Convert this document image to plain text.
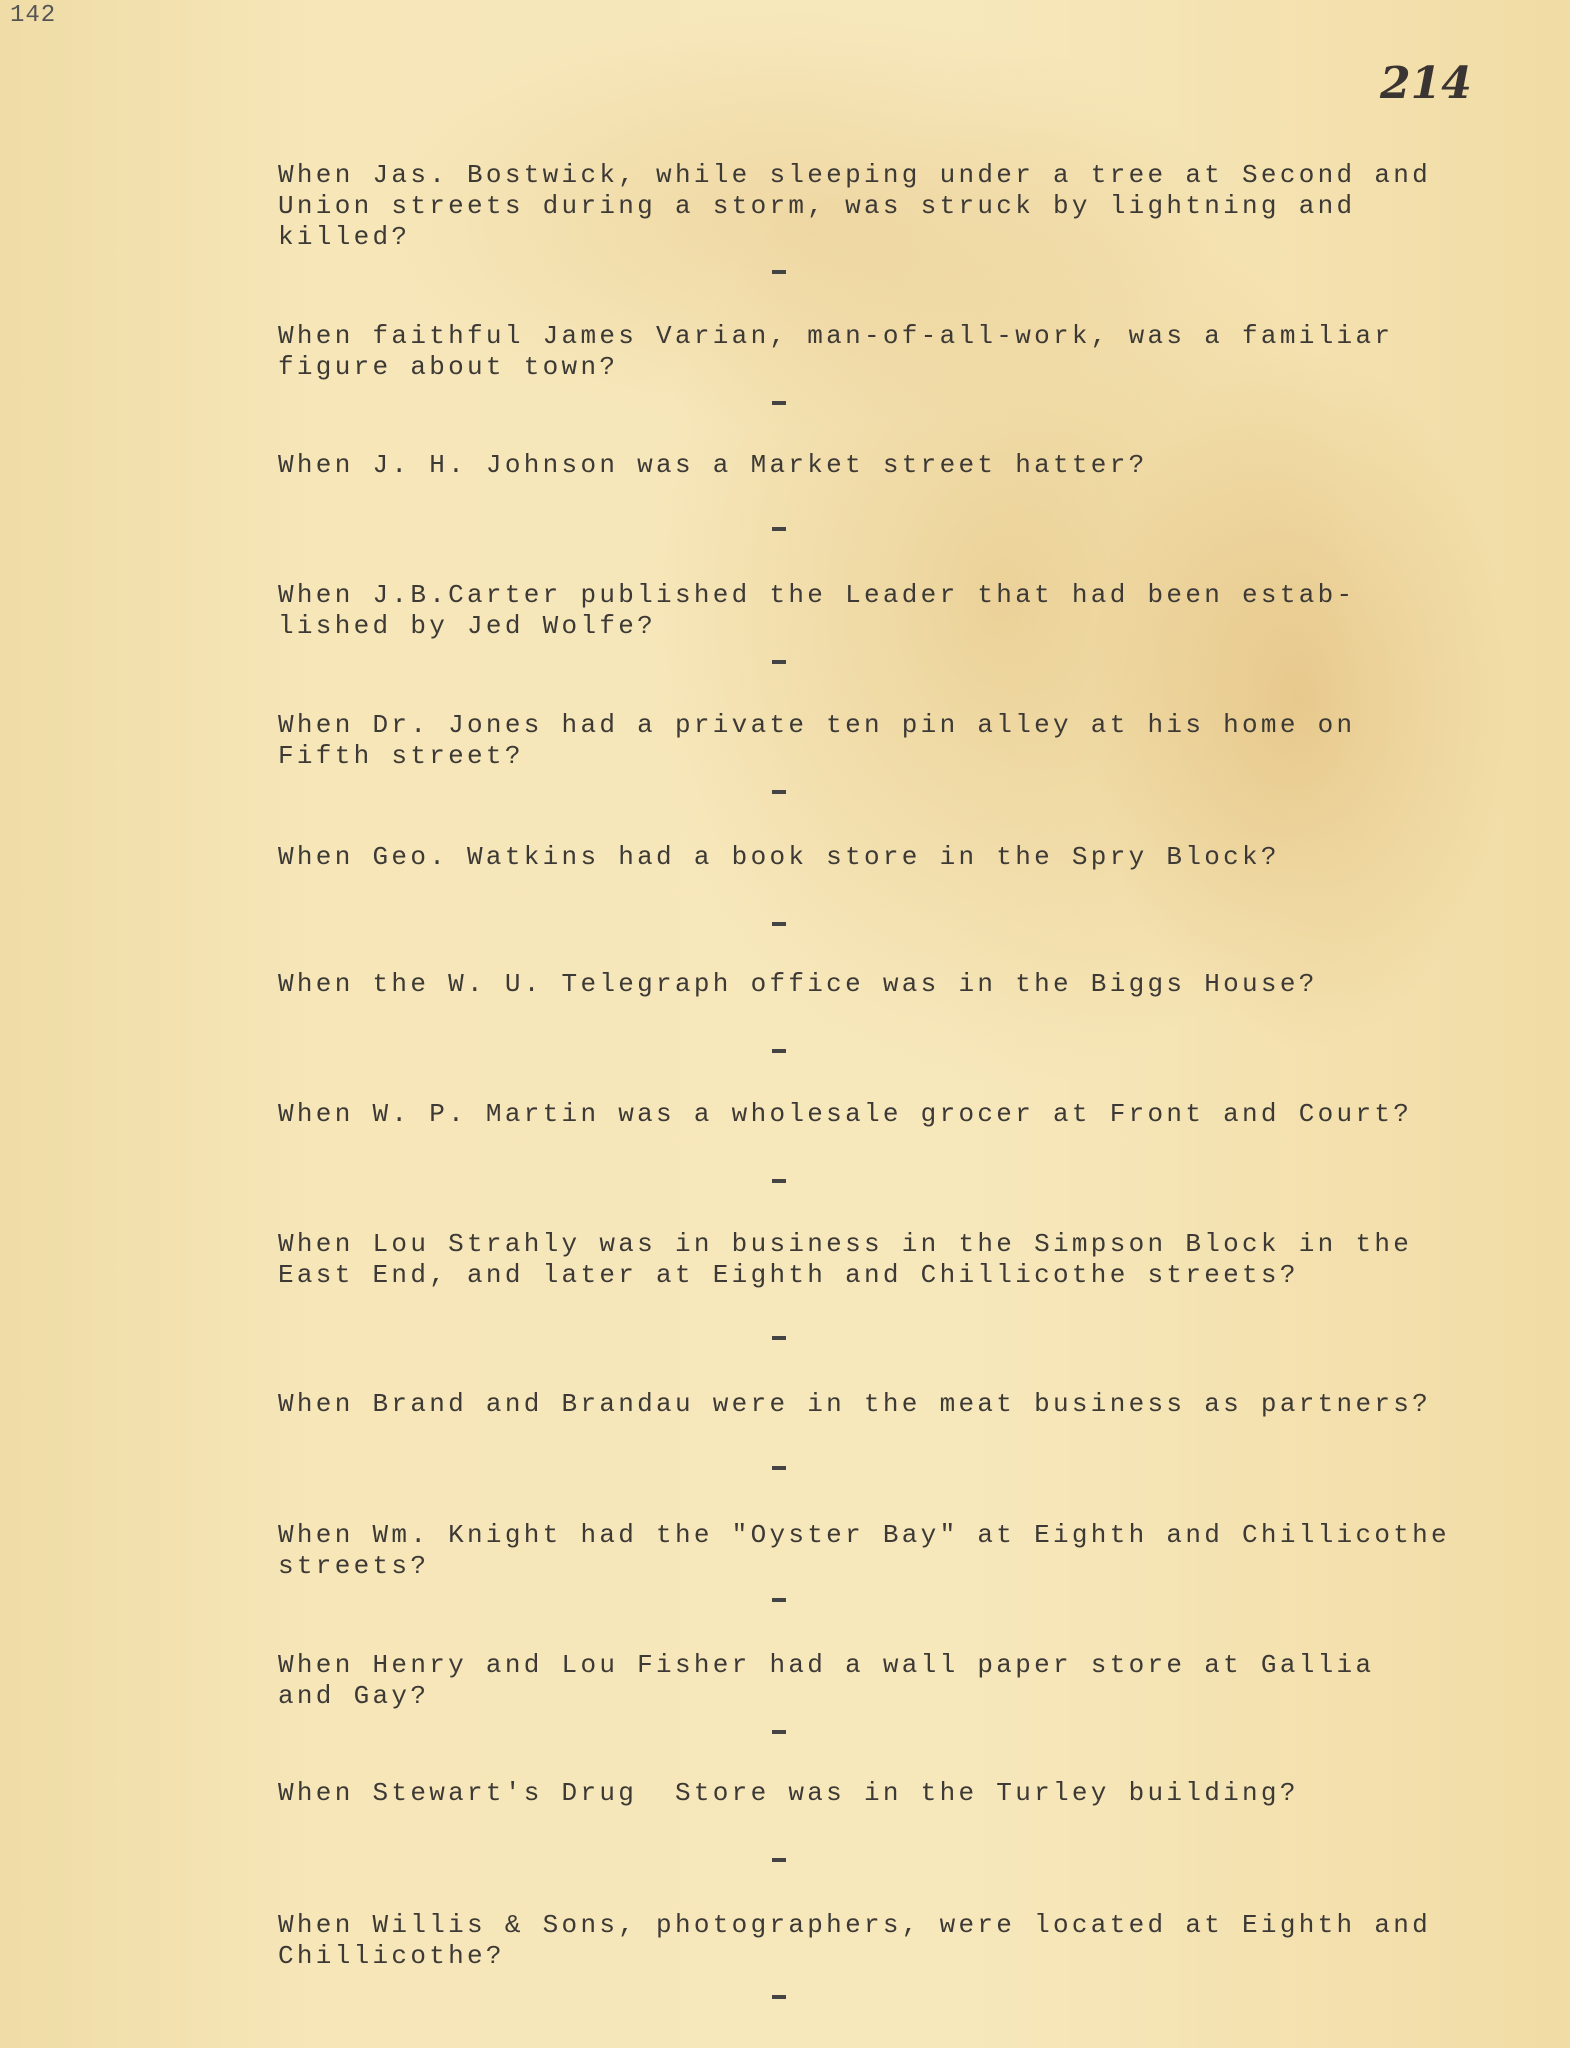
142
214
When Jas. Bostwick, while sleeping under a tree at Second and
Union streets during a storm, was struck by lightning and
killed?
When faithful James Varian, man-of-all-work, was a familiar
figure about town?
When J. H. Johnson was a Market street hatter?
When J.B.Carter published the Leader that had been estab-
lished by Jed Wolfe?
When Dr. Jones had a private ten pin alley at his home on
Fifth street?
When Geo. Watkins had a book store in the Spry Block?
When the W. U. Telegraph office was in the Biggs House?
When W. P. Martin was a wholesale grocer at Front and Court?
When Lou Strahly was in business in the Simpson Block in the
East End, and later at Eighth and Chillicothe streets?
When Brand and Brandau were in the meat business as partners?
When Wm. Knight had the "Oyster Bay" at Eighth and Chillicothe
streets?
When Henry and Lou Fisher had a wall paper store at Gallia
and Gay?
When Stewart's Drug  Store was in the Turley building?
When Willis & Sons, photographers, were located at Eighth and
Chillicothe?
